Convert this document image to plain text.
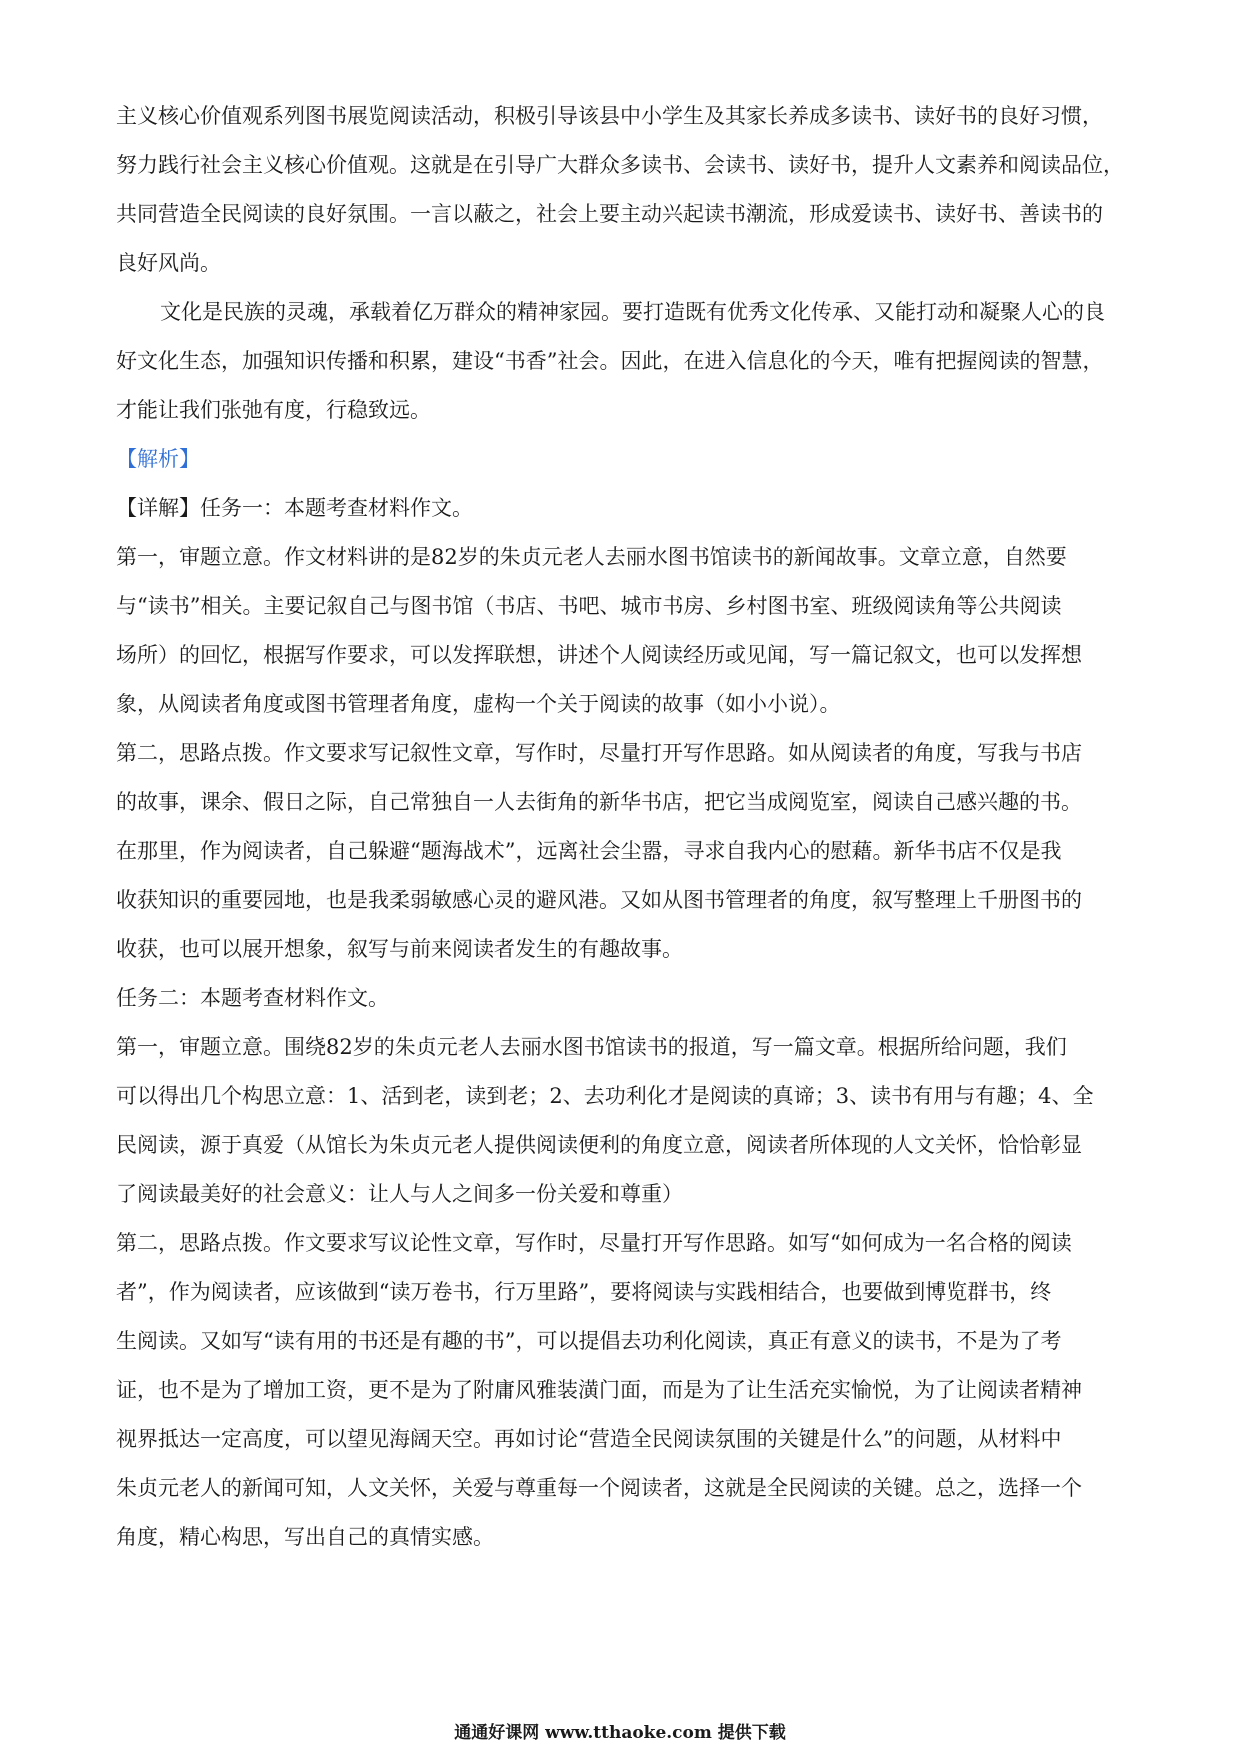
主义核心价值观系列图书展览阅读活动，积极引导该县中小学生及其家长养成多读书、读好书的良好习惯，
努力践行社会主义核心价值观。这就是在引导广大群众多读书、会读书、读好书，提升人文素养和阅读品位，
共同营造全民阅读的良好氛围。一言以蔽之，社会上要主动兴起读书潮流，形成爱读书、读好书、善读书的
良好风尚。
文化是民族的灵魂，承载着亿万群众的精神家园。要打造既有优秀文化传承、又能打动和凝聚人心的良
好文化生态，加强知识传播和积累，建设“书香”社会。因此，在进入信息化的今天，唯有把握阅读的智慧，
才能让我们张弛有度，行稳致远。
【解析】
【详解】任务一：本题考查材料作文。
第一，审题立意。作文材料讲的是82岁的朱贞元老人去丽水图书馆读书的新闻故事。文章立意，自然要
与“读书”相关。主要记叙自己与图书馆（书店、书吧、城市书房、乡村图书室、班级阅读角等公共阅读
场所）的回忆，根据写作要求，可以发挥联想，讲述个人阅读经历或见闻，写一篇记叙文，也可以发挥想
象，从阅读者角度或图书管理者角度，虚构一个关于阅读的故事（如小小说）。
第二，思路点拨。作文要求写记叙性文章，写作时，尽量打开写作思路。如从阅读者的角度，写我与书店
的故事，课余、假日之际，自己常独自一人去街角的新华书店，把它当成阅览室，阅读自己感兴趣的书。
在那里，作为阅读者，自己躲避“题海战术”，远离社会尘嚣，寻求自我内心的慰藉。新华书店不仅是我
收获知识的重要园地，也是我柔弱敏感心灵的避风港。又如从图书管理者的角度，叙写整理上千册图书的
收获，也可以展开想象，叙写与前来阅读者发生的有趣故事。
任务二：本题考查材料作文。
第一，审题立意。围绕82岁的朱贞元老人去丽水图书馆读书的报道，写一篇文章。根据所给问题，我们
可以得出几个构思立意：1、活到老，读到老；2、去功利化才是阅读的真谛；3、读书有用与有趣；4、全
民阅读，源于真爱（从馆长为朱贞元老人提供阅读便利的角度立意，阅读者所体现的人文关怀，恰恰彰显
了阅读最美好的社会意义：让人与人之间多一份关爱和尊重）
第二，思路点拨。作文要求写议论性文章，写作时，尽量打开写作思路。如写“如何成为一名合格的阅读
者”，作为阅读者，应该做到“读万卷书，行万里路”，要将阅读与实践相结合，也要做到博览群书，终
生阅读。又如写“读有用的书还是有趣的书”，可以提倡去功利化阅读，真正有意义的读书，不是为了考
证，也不是为了增加工资，更不是为了附庸风雅装潢门面，而是为了让生活充实愉悦，为了让阅读者精神
视界抵达一定高度，可以望见海阔天空。再如讨论“营造全民阅读氛围的关键是什么”的问题，从材料中
朱贞元老人的新闻可知，人文关怀，关爱与尊重每一个阅读者，这就是全民阅读的关键。总之，选择一个
角度，精心构思，写出自己的真情实感。
通通好课网 www.tthaoke.com 提供下载
